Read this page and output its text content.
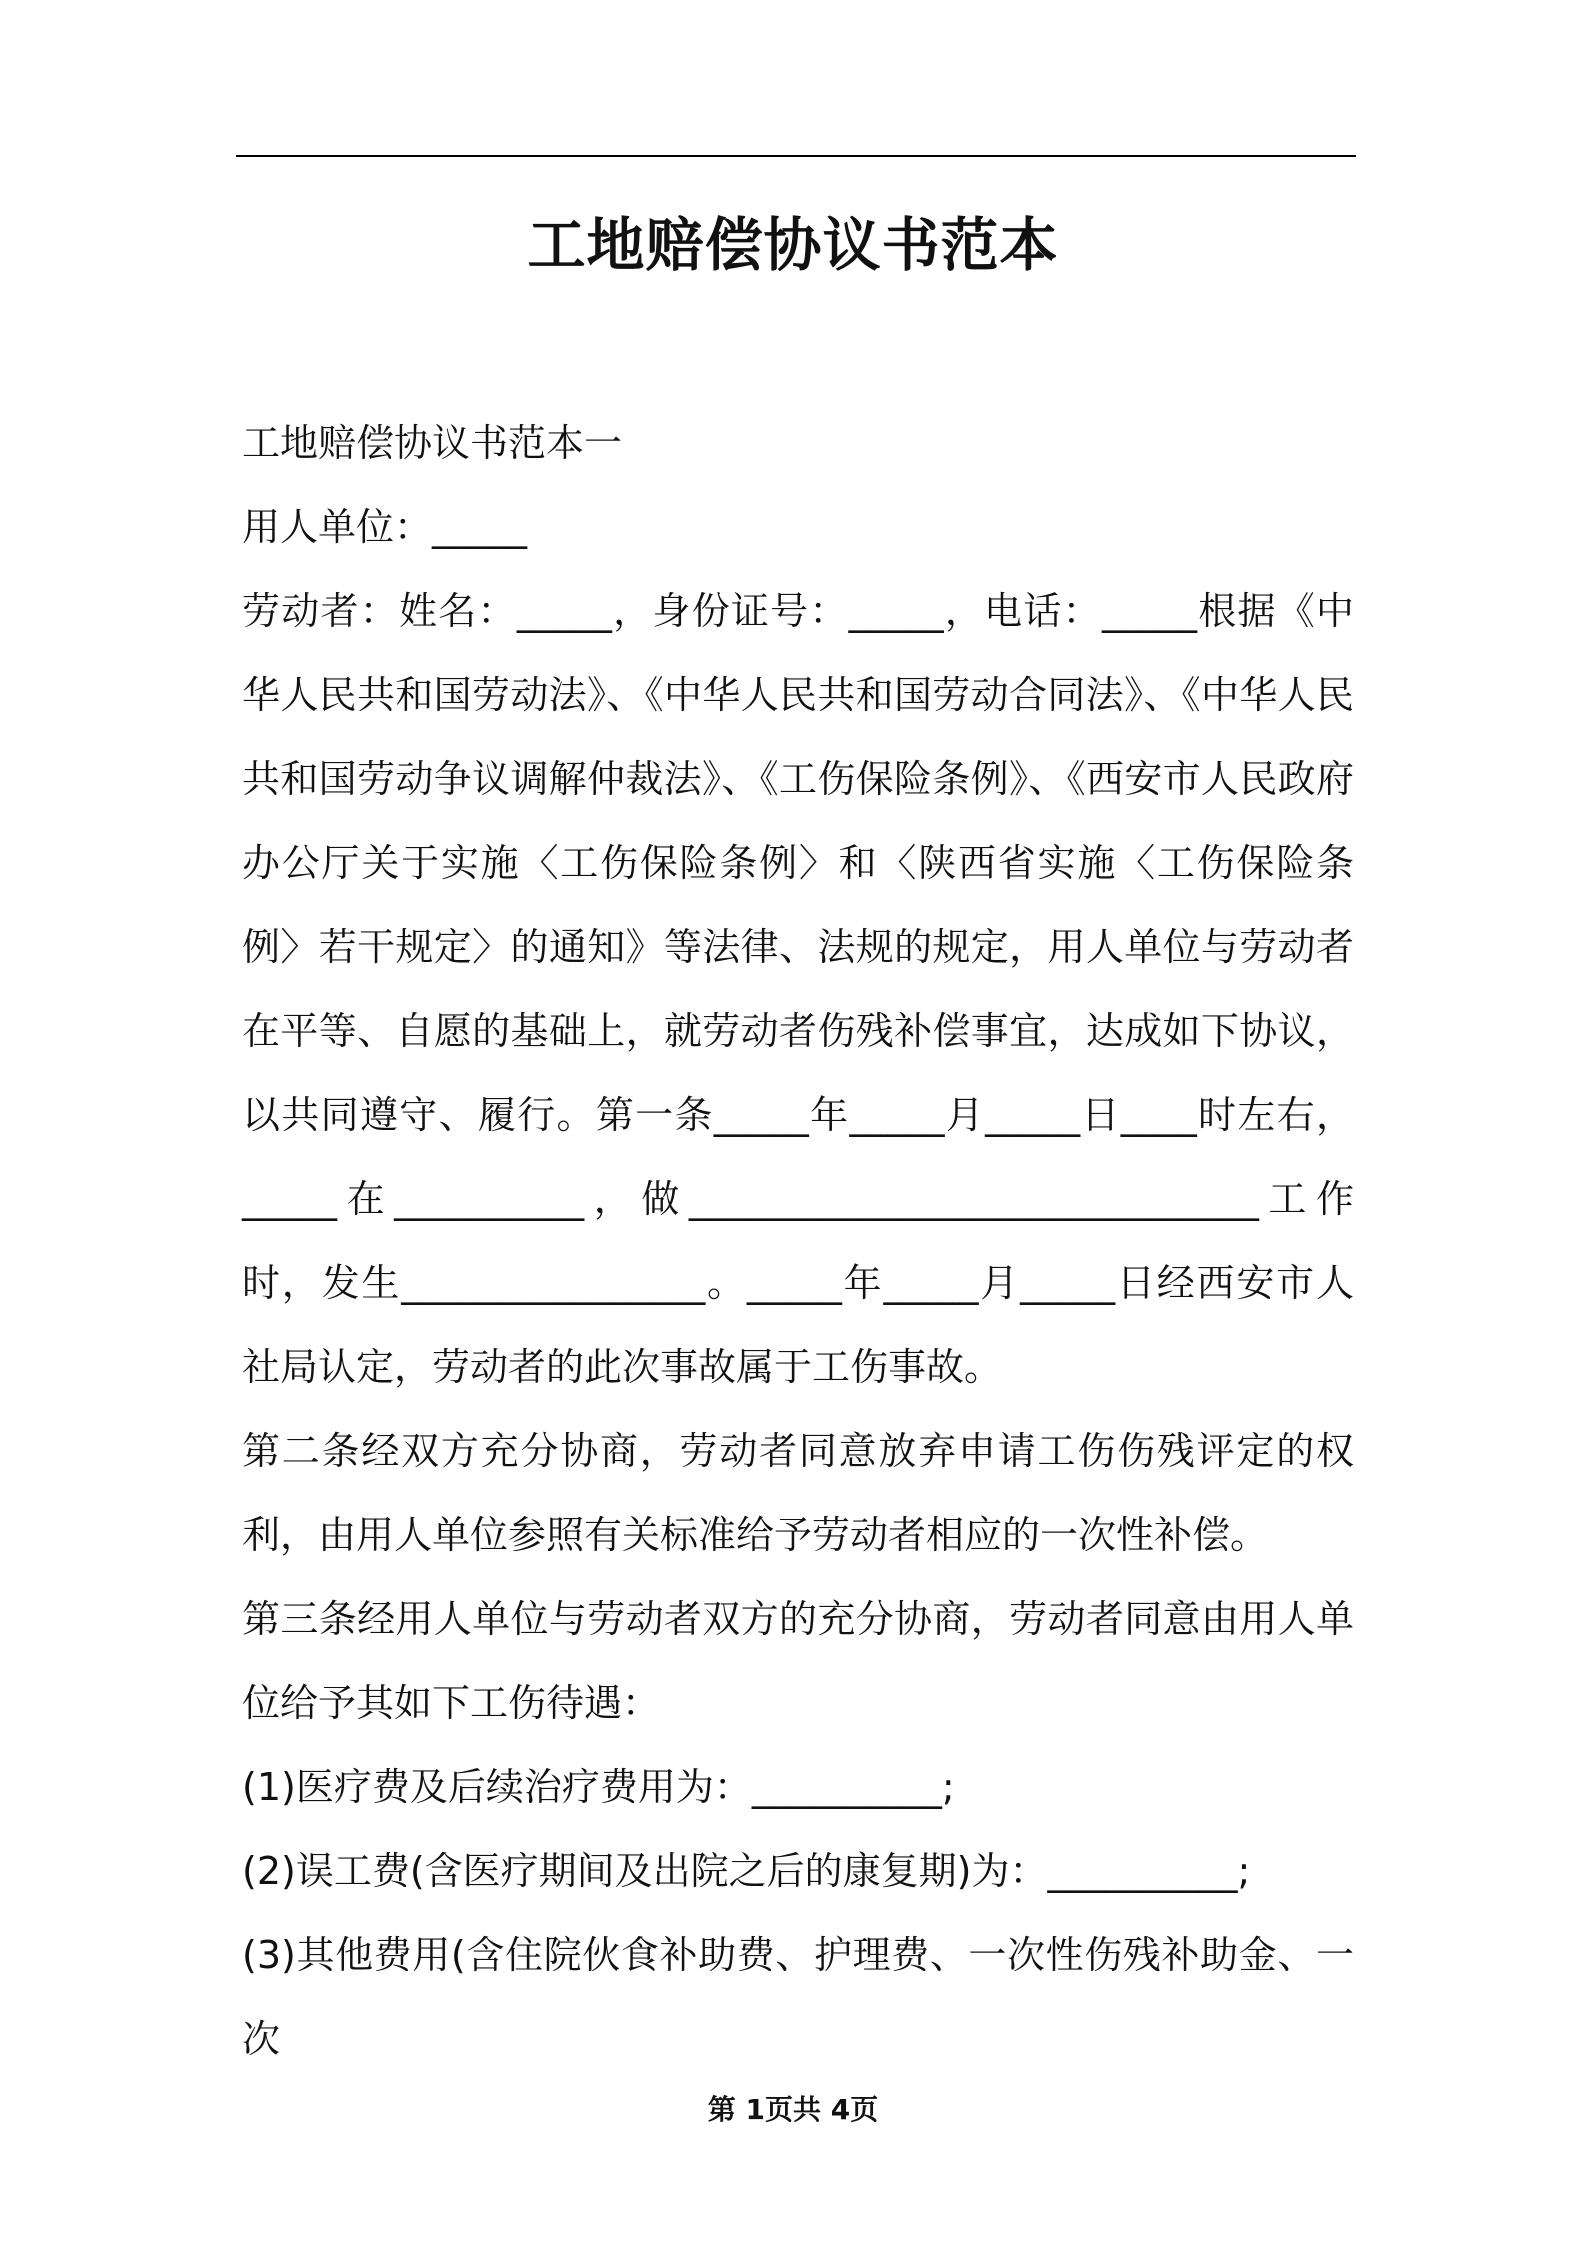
工地赔偿协议书范本

工地赔偿协议书范本一

用人单位：_____

劳动者：姓名：_____，身份证号：_____，电话：_____根据《中华人民共和国劳动法》、《中华人民共和国劳动合同法》、《中华人民共和国劳动争议调解仲裁法》、《工伤保险条例》、《西安市人民政府办公厅关于实施〈工伤保险条例〉和〈陕西省实施〈工伤保险条例〉若干规定〉的通知》等法律、法规的规定，用人单位与劳动者在平等、自愿的基础上，就劳动者伤残补偿事宜，达成如下协议，以共同遵守、履行。第一条_____年_____月_____日____时左右，_____在__________，做______________________________工作时，发生________________。_____年_____月_____日经西安市人社局认定，劳动者的此次事故属于工伤事故。

第二条经双方充分协商，劳动者同意放弃申请工伤伤残评定的权利，由用人单位参照有关标准给予劳动者相应的一次性补偿。

第三条经用人单位与劳动者双方的充分协商，劳动者同意由用人单位给予其如下工伤待遇：

(1)医疗费及后续治疗费用为：__________;

(2)误工费(含医疗期间及出院之后的康复期)为：__________;

(3)其他费用(含住院伙食补助费、护理费、一次性伤残补助金、一次

第 1页共 4页
